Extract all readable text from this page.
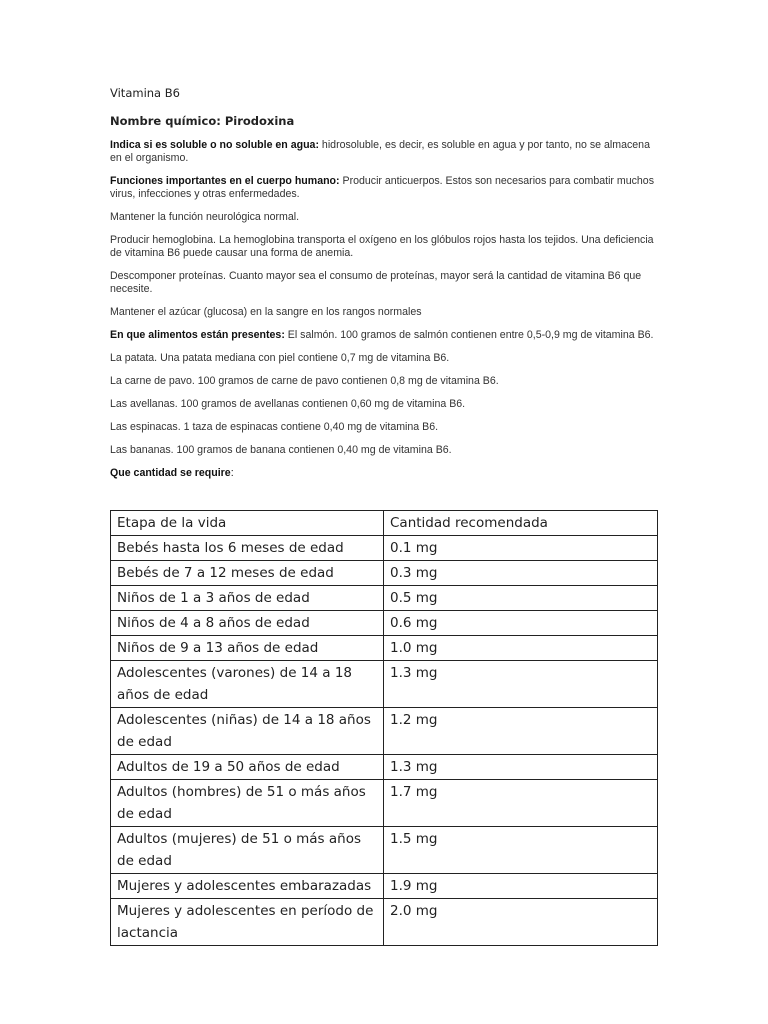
Vitamina B6

Nombre químico: Pirodoxina

Indica si es soluble o no soluble en agua: hidrosoluble, es decir, es soluble en agua y por tanto, no se almacena en el organismo.

Funciones importantes en el cuerpo humano: Producir anticuerpos. Estos son necesarios para combatir muchos virus, infecciones y otras enfermedades.

Mantener la función neurológica normal.

Producir hemoglobina. La hemoglobina transporta el oxígeno en los glóbulos rojos hasta los tejidos. Una deficiencia de vitamina B6 puede causar una forma de anemia.

Descomponer proteínas. Cuanto mayor sea el consumo de proteínas, mayor será la cantidad de vitamina B6 que necesite.

Mantener el azúcar (glucosa) en la sangre en los rangos normales

En que alimentos están presentes: El salmón. 100 gramos de salmón contienen entre 0,5-0,9 mg de vitamina B6.

La patata. Una patata mediana con piel contiene 0,7 mg de vitamina B6.

La carne de pavo. 100 gramos de carne de pavo contienen 0,8 mg de vitamina B6.

Las avellanas. 100 gramos de avellanas contienen 0,60 mg de vitamina B6.

Las espinacas. 1 taza de espinacas contiene 0,40 mg de vitamina B6.

Las bananas. 100 gramos de banana contienen 0,40 mg de vitamina B6.

Que cantidad se require:

Etapa de la vida	Cantidad recomendada
Bebés hasta los 6 meses de edad	0.1 mg
Bebés de 7 a 12 meses de edad	0.3 mg
Niños de 1 a 3 años de edad	0.5 mg
Niños de 4 a 8 años de edad	0.6 mg
Niños de 9 a 13 años de edad	1.0 mg
Adolescentes (varones) de 14 a 18 años de edad	1.3 mg
Adolescentes (niñas) de 14 a 18 años de edad	1.2 mg
Adultos de 19 a 50 años de edad	1.3 mg
Adultos (hombres) de 51 o más años de edad	1.7 mg
Adultos (mujeres) de 51 o más años de edad	1.5 mg
Mujeres y adolescentes embarazadas	1.9 mg
Mujeres y adolescentes en período de lactancia	2.0 mg
